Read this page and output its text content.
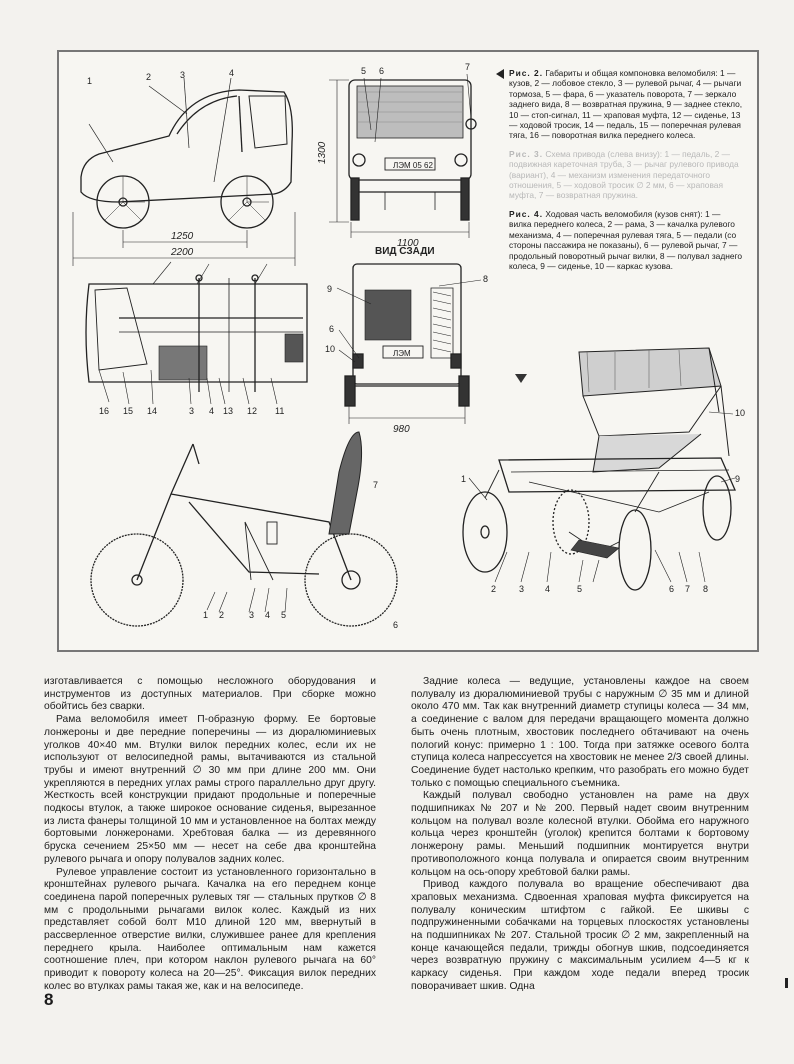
1	2	3	4
1250
2200
ЛЭМ 05 62
5 6	7
1300
1100
16 15 14	3 4 13 12 11
ВИД СЗАДИ
ЛЭМ
9
8
6
10
980
1 2	3 4 5
6
7
2	3 4	5	6 7 8
9
10
1

Рис. 2. Габариты и общая компоновка веломобиля: 1 — кузов, 2 — лобовое стекло, 3 — рулевой рычаг, 4 — рычаги тормоза, 5 — фара, 6 — указатель поворота, 7 — зеркало заднего вида, 8 — возвратная пружина, 9 — заднее стекло, 10 — стоп-сигнал, 11 — храповая муфта, 12 — сиденье, 13 — ходовой тросик, 14 — педаль, 15 — поперечная рулевая тяга, 16 — поворотная вилка переднего колеса.

Рис. 3. Схема привода (слева внизу): 1 — педаль, 2 — подвижная кареточная труба, 3 — рычаг рулевого привода (вариант), 4 — механизм изменения передаточного отношения, 5 — ходовой тросик ∅ 2 мм, 6 — храповая муфта, 7 — возвратная пружина.

Рис. 4. Ходовая часть веломобиля (кузов снят): 1 — вилка переднего колеса, 2 — рама, 3 — качалка рулевого механизма, 4 — поперечная рулевая тяга, 5 — педали (со стороны пассажира не показаны), 6 — рулевой рычаг, 7 — продольный поворотный рычаг вилки, 8 — полувал заднего колеса, 9 — сиденье, 10 — каркас кузова.

изготавливается с помощью несложного оборудования и инструментов из доступных материалов. При сборке можно обойтись без сварки.

Рама веломобиля имеет П-образную форму. Ее бортовые лонжероны и две передние поперечины — из дюралюминиевых уголков 40×40 мм. Втулки вилок передних колес, если их не используют от велосипедной рамы, вытачиваются из стальной трубы и имеют внутренний ∅ 30 мм при длине 200 мм. Они укрепляются в передних углах рамы строго параллельно друг другу. Жесткость всей конструкции придают продольные и поперечные подкосы втулок, а также широкое основание сиденья, вырезанное из листа фанеры толщиной 10 мм и установленное на болтах между бортовыми лонжеронами. Хребтовая балка — из деревянного бруска сечением 25×50 мм — несет на себе два кронштейна рулевого рычага и опору полувалов задних колес.

Рулевое управление состоит из установленного горизонтально в кронштейнах рулевого рычага. Качалка на его переднем конце соединена парой поперечных рулевых тяг — стальных прутков ∅ 8 мм с продольными рычагами вилок колес. Каждый из них представляет собой болт М10 длиной 120 мм, ввернутый в рассверленное отверстие вилки, служившее ранее для крепления переднего крыла. Наиболее оптимальным нам кажется соотношение плеч, при котором наклон рулевого рычага на 60° приводит к повороту колеса на 20—25°. Фиксация вилок передних колес во втулках рамы такая же, как и на велосипеде.

Задние колеса — ведущие, установлены каждое на своем полувалу из дюралюминиевой трубы с наружным ∅ 35 мм и длиной около 470 мм. Так как внутренний диаметр ступицы колеса — 34 мм, а соединение с валом для передачи вращающего момента должно быть очень плотным, хвостовик последнего обтачивают на очень пологий конус: примерно 1 : 100. Тогда при затяжке осевого болта ступица колеса напрессуется на хвостовик не менее 2/3 своей длины. Соединение будет настолько крепким, что разобрать его можно будет только с помощью специального съемника.

Каждый полувал свободно установлен на раме на двух подшипниках № 207 и № 200. Первый надет своим внутренним кольцом на полувал возле колесной втулки. Обойма его наружного кольца через кронштейн (уголок) крепится болтами к бортовому лонжерону рамы. Меньший подшипник монтируется внутри противоположного конца полувала и опирается своим внутренним кольцом на ось-опору хребтовой балки рамы.

Привод каждого полувала во вращение обеспечивают два храповых механизма. Сдвоенная храповая муфта фиксируется на полувалу коническим штифтом с гайкой. Ее шкивы с подпружиненными собачками на торцевых плоскостях установлены на подшипниках № 207. Стальной тросик ∅ 2 мм, закрепленный на конце качающейся педали, трижды обогнув шкив, подсоединяется через возвратную пружину с максимальным усилием 4—5 кг к каркасу сиденья. При каждом ходе педали вперед тросик поворачивает шкив. Одна

8
